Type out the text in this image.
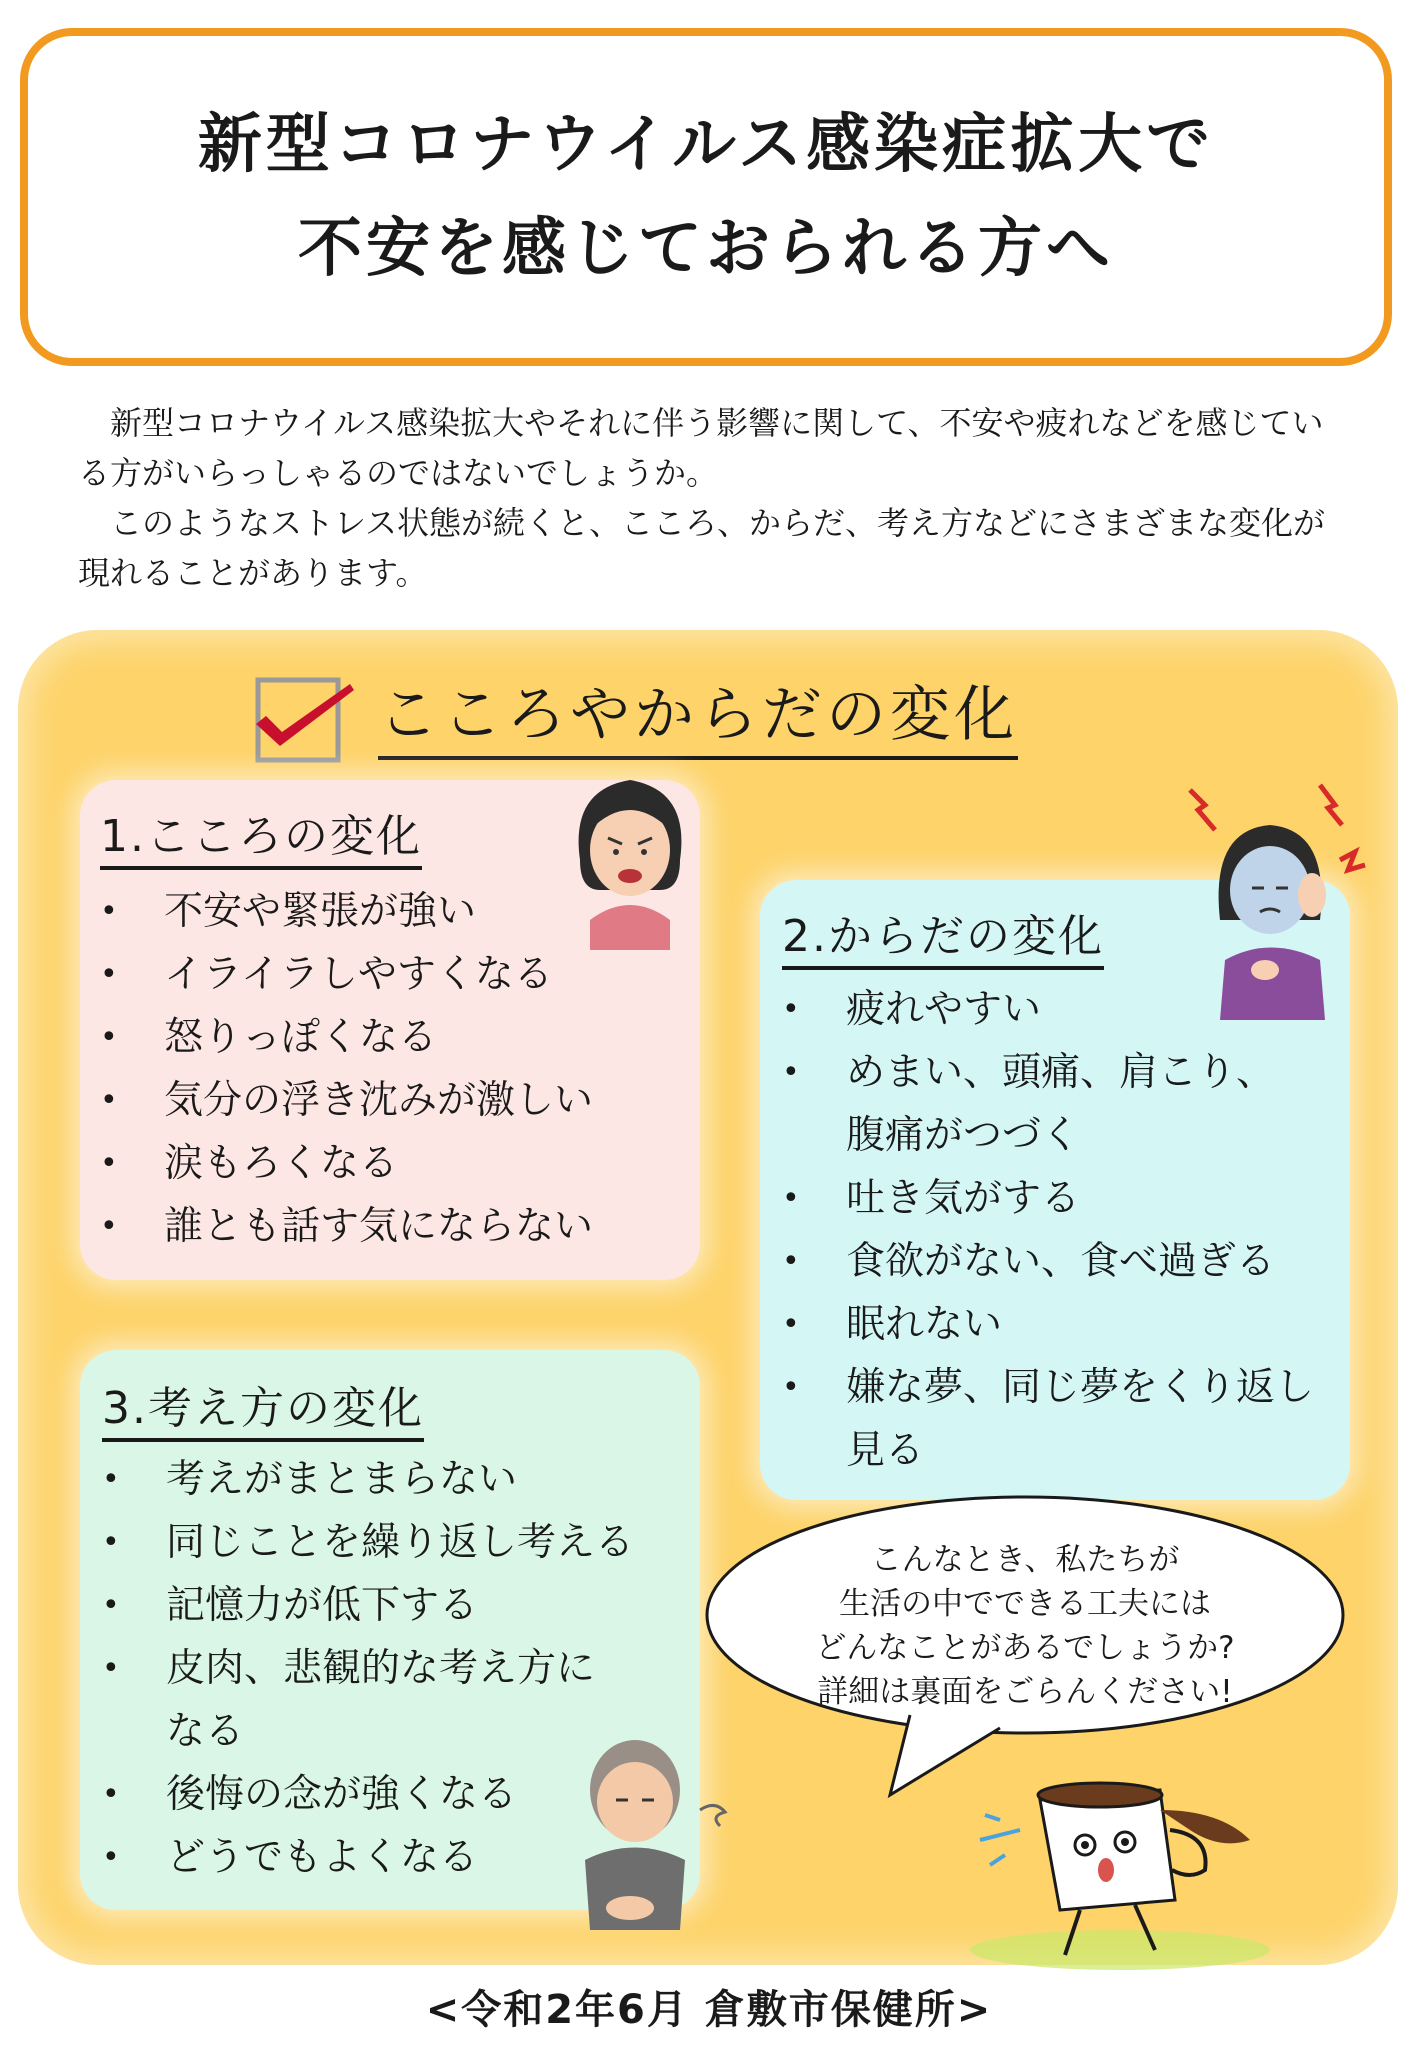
新型コロナウイルス感染症拡大で
不安を感じておられる方へ

新型コロナウイルス感染拡大やそれに伴う影響に関して、不安や疲れなどを感じている方がいらっしゃるのではないでしょうか。

このようなストレス状態が続くと、こころ、からだ、考え方などにさまざまな変化が現れることがあります。

こころやからだの変化
1.こころの変化
• 不安や緊張が強い
• イライラしやすくなる
• 怒りっぽくなる
• 気分の浮き沈みが激しい
• 涙もろくなる
• 誰とも話す気にならない
2.からだの変化
• 疲れやすい
• めまい、頭痛、肩こり、
腹痛がつづく
• 吐き気がする
• 食欲がない、食べ過ぎる
• 眠れない
• 嫌な夢、同じ夢をくり返し
見る
3.考え方の変化
• 考えがまとまらない
• 同じことを繰り返し考える
• 記憶力が低下する
• 皮肉、悲観的な考え方に
なる
• 後悔の念が強くなる
• どうでもよくなる
こんなとき、私たちが
生活の中でできる工夫には
どんなことがあるでしょうか?
詳細は裏面をごらんください!
<令和2年6月 倉敷市保健所>
